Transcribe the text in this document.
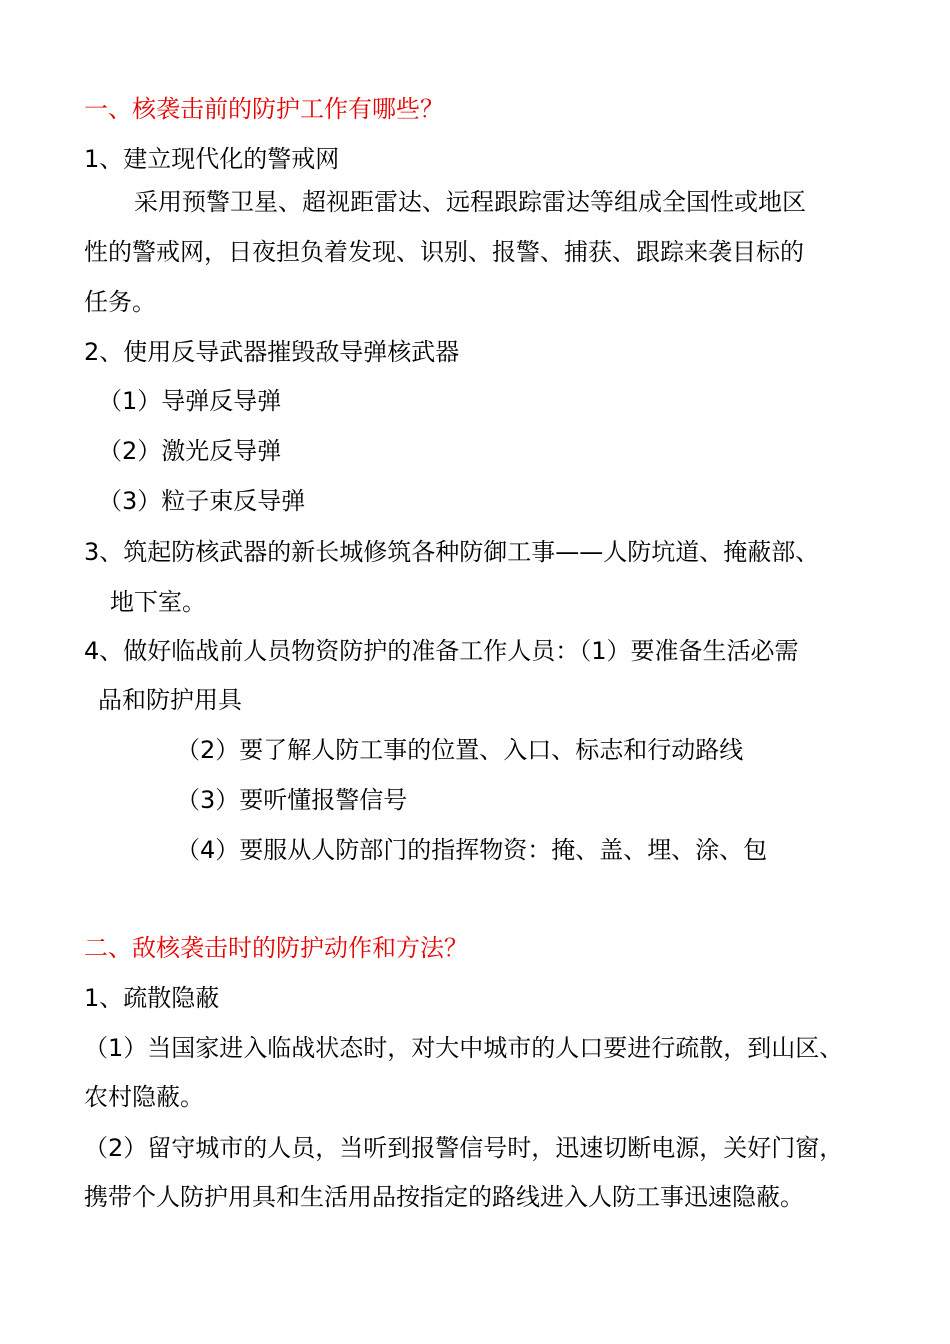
一、核袭击前的防护工作有哪些？
1、建立现代化的警戒网
采用预警卫星、超视距雷达、远程跟踪雷达等组成全国性或地区
性的警戒网，日夜担负着发现、识别、报警、捕获、跟踪来袭目标的
任务。
2、使用反导武器摧毁敌导弹核武器
（1）导弹反导弹
（2）激光反导弹
（3）粒子束反导弹
3、筑起防核武器的新长城修筑各种防御工事——人防坑道、掩蔽部、
地下室。
4、做好临战前人员物资防护的准备工作人员：（1）要准备生活必需
品和防护用具
（2）要了解人防工事的位置、入口、标志和行动路线
（3）要听懂报警信号
（4）要服从人防部门的指挥物资：掩、盖、埋、涂、包
二、敌核袭击时的防护动作和方法？
1、疏散隐蔽
（1）当国家进入临战状态时，对大中城市的人口要进行疏散，到山区、
农村隐蔽。
（2）留守城市的人员，当听到报警信号时，迅速切断电源，关好门窗，
携带个人防护用具和生活用品按指定的路线进入人防工事迅速隐蔽。
